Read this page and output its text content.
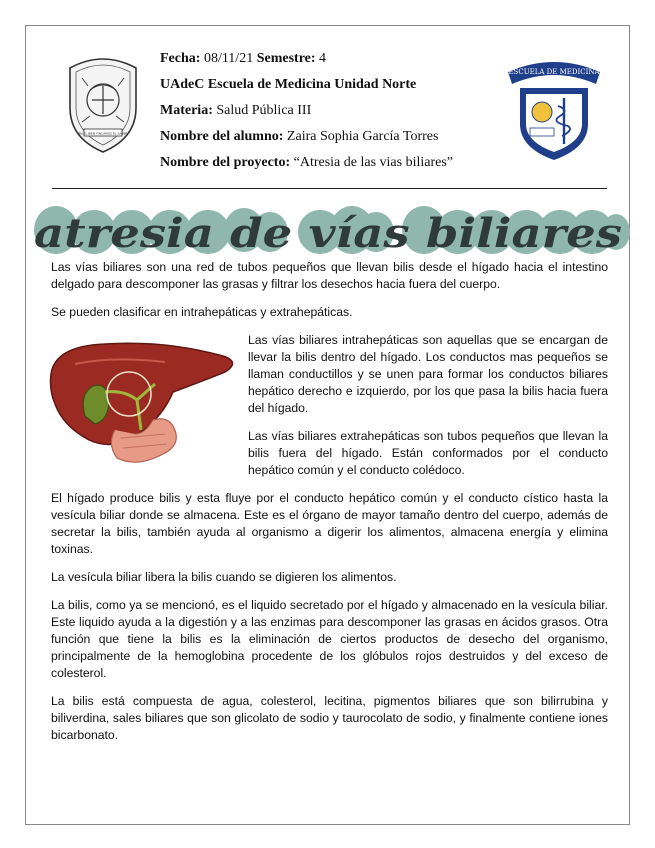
EN EL BIEN FINCAMOS EL SABER
Fecha: 08/11/21 Semestre: 4
UAdeC Escuela de Medicina Unidad Norte
Materia: Salud Pública III
Nombre del alumno: Zaira Sophia García Torres
Nombre del proyecto: “Atresia de las vias biliares”
ESCUELA DE MEDICINA
UNIDAD NORTE
atresia de vías biliares

Las vías biliares son una red de tubos pequeños que llevan bilis desde el hígado hacia el intestino delgado para descomponer las grasas y filtrar los desechos hacia fuera del cuerpo.

Se pueden clasificar en intrahepáticas y extrahepáticas.

Las vías biliares intrahepáticas son aquellas que se encargan de llevar la bilis dentro del hígado. Los conductos mas pequeños se llaman conductillos y se unen para formar los conductos biliares hepático derecho e izquierdo, por los que pasa la bilis hacia fuera del hígado.

Las vías biliares extrahepáticas son tubos pequeños que llevan la bilis fuera del hígado. Están conformados por el conducto hepático común y el conducto colédoco.

El hígado produce bilis y esta fluye por el conducto hepático común y el conducto cístico hasta la vesícula biliar donde se almacena. Este es el órgano de mayor tamaño dentro del cuerpo, además de secretar la bilis, también ayuda al organismo a digerir los alimentos, almacena energía y elimina toxinas.

La vesícula biliar libera la bilis cuando se digieren los alimentos.

La bilis, como ya se mencionó, es el liquido secretado por el hígado y almacenado en la vesícula biliar. Este liquido ayuda a la digestión y a las enzimas para descomponer las grasas en ácidos grasos. Otra función que tiene la bilis es la eliminación de ciertos productos de desecho del organismo, principalmente de la hemoglobina procedente de los glóbulos rojos destruidos y del exceso de colesterol.

La bilis está compuesta de agua, colesterol, lecitina, pigmentos biliares que son bilirrubina y biliverdina, sales biliares que son glicolato de sodio y taurocolato de sodio, y finalmente contiene iones bicarbonato.
